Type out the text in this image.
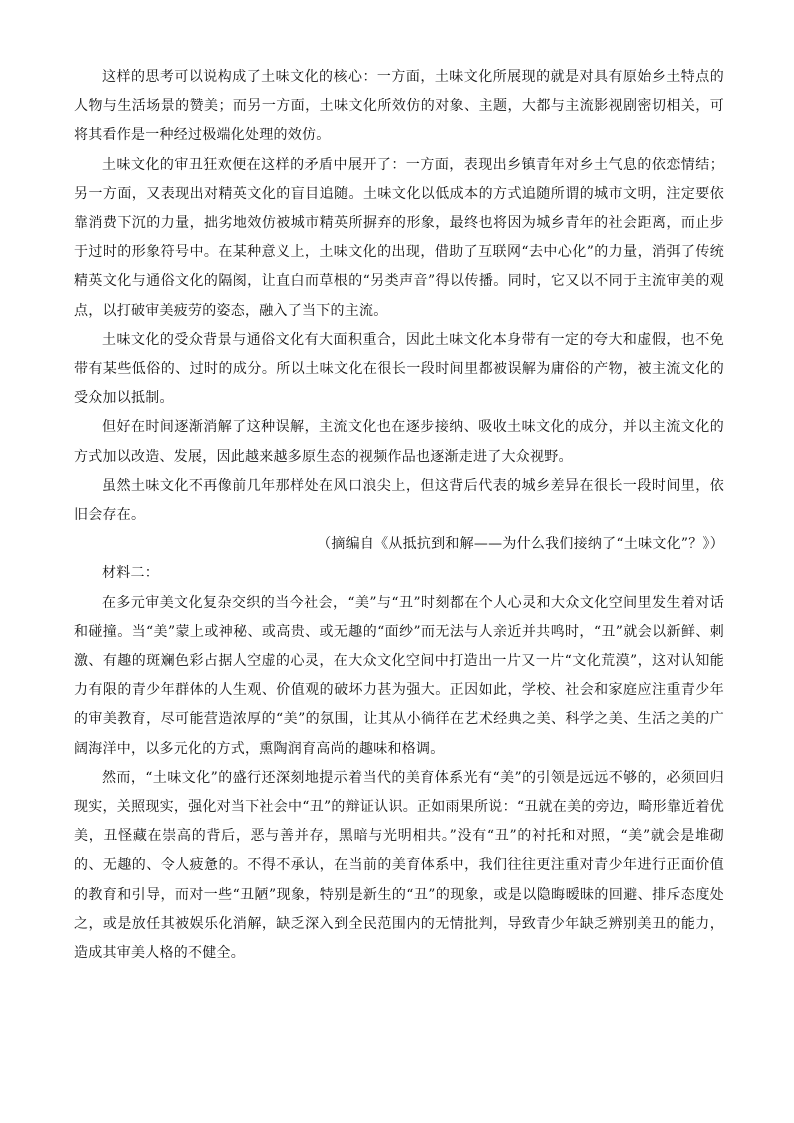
这样的思考可以说构成了土味文化的核心：一方面，土味文化所展现的就是对具有原始乡土特点的人物与生活场景的赞美；而另一方面，土味文化所效仿的对象、主题，大都与主流影视剧密切相关，可将其看作是一种经过极端化处理的效仿。

土味文化的审丑狂欢便在这样的矛盾中展开了：一方面，表现出乡镇青年对乡土气息的依恋情结；另一方面，又表现出对精英文化的盲目追随。土味文化以低成本的方式追随所谓的城市文明，注定要依靠消费下沉的力量，拙劣地效仿被城市精英所摒弃的形象，最终也将因为城乡青年的社会距离，而止步于过时的形象符号中。在某种意义上，土味文化的出现，借助了互联网“去中心化”的力量，消弭了传统精英文化与通俗文化的隔阂，让直白而草根的“另类声音”得以传播。同时，它又以不同于主流审美的观点，以打破审美疲劳的姿态，融入了当下的主流。

土味文化的受众背景与通俗文化有大面积重合，因此土味文化本身带有一定的夸大和虚假，也不免带有某些低俗的、过时的成分。所以土味文化在很长一段时间里都被误解为庸俗的产物，被主流文化的受众加以抵制。

但好在时间逐渐消解了这种误解，主流文化也在逐步接纳、吸收土味文化的成分，并以主流文化的方式加以改造、发展，因此越来越多原生态的视频作品也逐渐走进了大众视野。

虽然土味文化不再像前几年那样处在风口浪尖上，但这背后代表的城乡差异在很长一段时间里，依旧会存在。

（摘编自《从抵抗到和解——为什么我们接纳了“土味文化”？》）

材料二：

在多元审美文化复杂交织的当今社会，“美”与“丑”时刻都在个人心灵和大众文化空间里发生着对话和碰撞。当“美”蒙上或神秘、或高贵、或无趣的“面纱”而无法与人亲近并共鸣时，“丑”就会以新鲜、刺激、有趣的斑斓色彩占据人空虚的心灵，在大众文化空间中打造出一片又一片“文化荒漠”，这对认知能力有限的青少年群体的人生观、价值观的破坏力甚为强大。正因如此，学校、社会和家庭应注重青少年的审美教育，尽可能营造浓厚的“美”的氛围，让其从小徜徉在艺术经典之美、科学之美、生活之美的广阔海洋中，以多元化的方式，熏陶润育高尚的趣味和格调。

然而，“土味文化”的盛行还深刻地提示着当代的美育体系光有“美”的引领是远远不够的，必须回归现实，关照现实，强化对当下社会中“丑”的辩证认识。正如雨果所说：“丑就在美的旁边，畸形靠近着优美，丑怪藏在崇高的背后，恶与善并存，黑暗与光明相共。”没有“丑”的衬托和对照，“美”就会是堆砌的、无趣的、令人疲惫的。不得不承认，在当前的美育体系中，我们往往更注重对青少年进行正面价值的教育和引导，而对一些“丑陋”现象，特别是新生的“丑”的现象，或是以隐晦暧昧的回避、排斥态度处之，或是放任其被娱乐化消解，缺乏深入到全民范围内的无情批判，导致青少年缺乏辨别美丑的能力，造成其审美人格的不健全。
